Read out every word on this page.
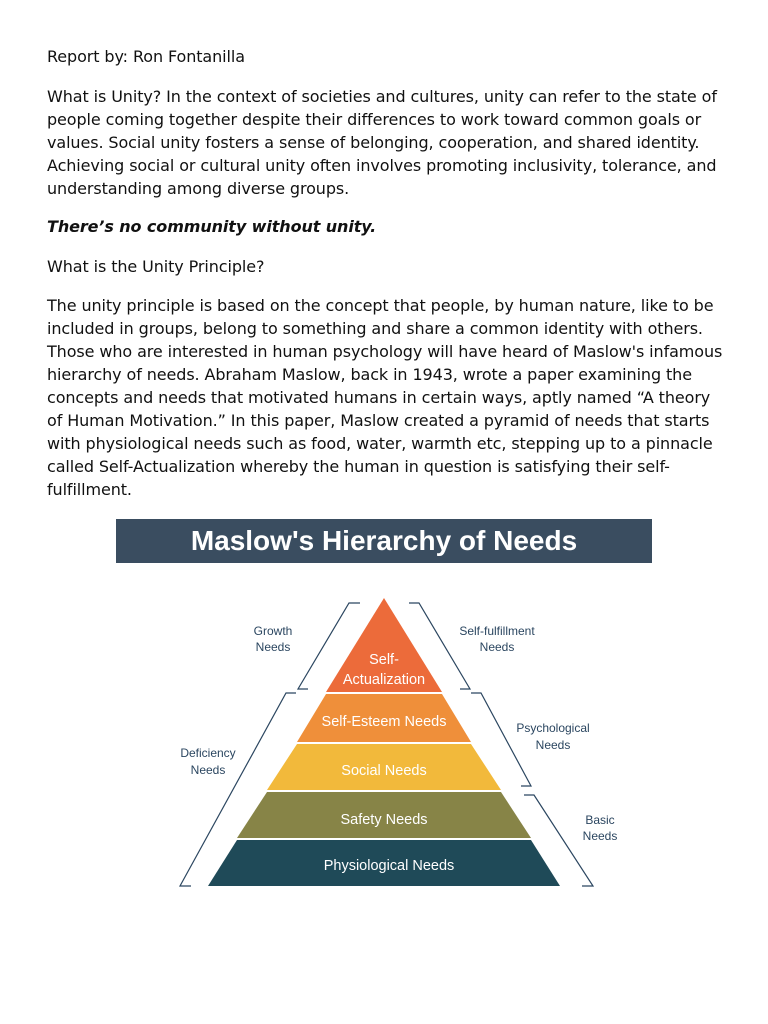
Report by: Ron Fontanilla
What is Unity? In the context of societies and cultures, unity can refer to the state of people coming together despite their differences to work toward common goals or values. Social unity fosters a sense of belonging, cooperation, and shared identity. Achieving social or cultural unity often involves promoting inclusivity, tolerance, and understanding among diverse groups.
There’s no community without unity.
What is the Unity Principle?
The unity principle is based on the concept that people, by human nature, like to be included in groups, belong to something and share a common identity with others. Those who are interested in human psychology will have heard of Maslow's infamous hierarchy of needs. Abraham Maslow, back in 1943, wrote a paper examining the concepts and needs that motivated humans in certain ways, aptly named “A theory of Human Motivation.” In this paper, Maslow created a pyramid of needs that starts with physiological needs such as food, water, warmth etc, stepping up to a pinnacle called Self-Actualization whereby the human in question is satisfying their self-fulfillment.
Maslow's Hierarchy of Needs
Self-
Actualization
Self-Esteem Needs
Social Needs
Safety Needs
Physiological Needs
Growth
Needs
Deficiency
Needs
Self-fulfillment
Needs
Psychological
Needs
Basic
Needs
